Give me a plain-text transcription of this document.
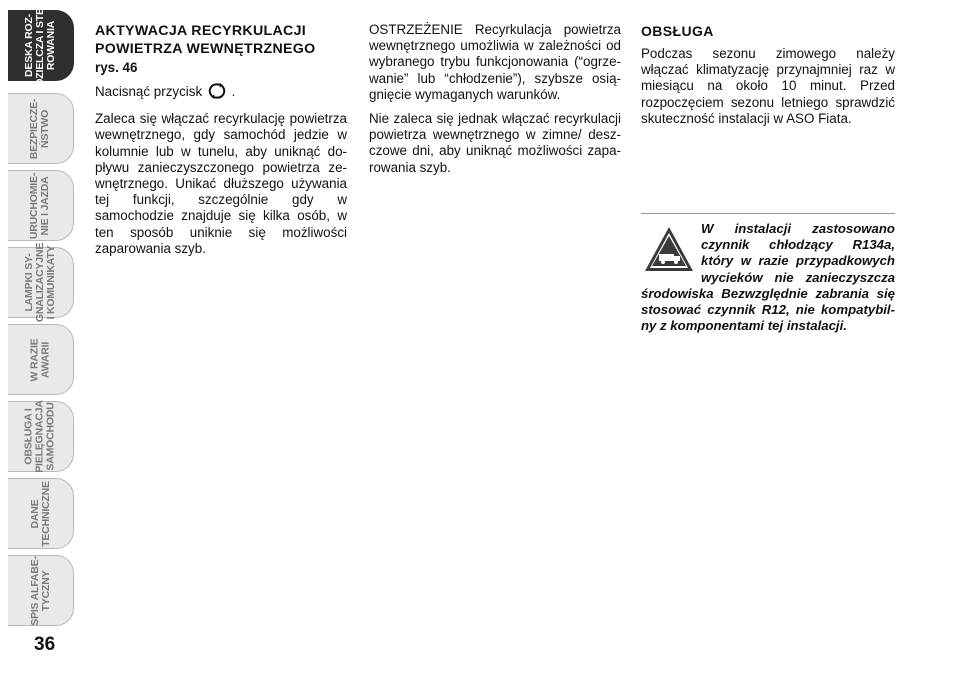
DESKA ROZ-
DZIELCZA I STE-
ROWANIA
BEZPIECZE-
ŃSTWO
URUCHOMIE-
NIE I JAZDA
LAMPKI SY-
GNALIZACYJNE
I KOMUNIKATY
W RAZIE
AWARII
OBSŁUGA I
PIELĘGNACJA
SAMOCHODU
DANE
TECHNICZNE
SPIS ALFABE-
TYCZNY
36
AKTYWACJA RECYRKULACJI POWIETRZA WEWNĘTRZNEGO
rys. 46

Nacisnąć przycisk .

Zaleca się włączać recyrkulację powietrza wewnętrznego, gdy samochód jedzie w kolumnie lub w tunelu, aby uniknąć dopływu zanieczyszczonego powietrza zewnętrznego. Unikać dłuższego używania tej funkcji, szczególnie gdy w samochodzie znajduje się kilka osób, w ten sposób uniknie się możliwości zaparowania szyb.

OSTRZEŻENIE Recyrkulacja powietrza wewnętrznego umożliwia w zależności od wybranego trybu funkcjonowania (“ogrzewanie” lub “chłodzenie”), szybsze osiągnięcie wymaganych warunków.

Nie zaleca się jednak włączać recyrkulacji powietrza wewnętrznego w zimne/ deszczowe dni, aby uniknąć możliwości zaparowania szyb.

OBSŁUGA

Podczas sezonu zimowego należy włączać klimatyzację przynajmniej raz w miesiącu na około 10 minut. Przed rozpoczęciem sezonu letniego sprawdzić skuteczność instalacji w ASO Fiata.

W instalacji zastosowano czynnik chłodzący R134a, który w razie przypadkowych wycieków nie zanieczyszcza środowiska Bezwzględnie zabrania się stosować czynnik R12, nie kompatybilny z komponentami tej instalacji.
